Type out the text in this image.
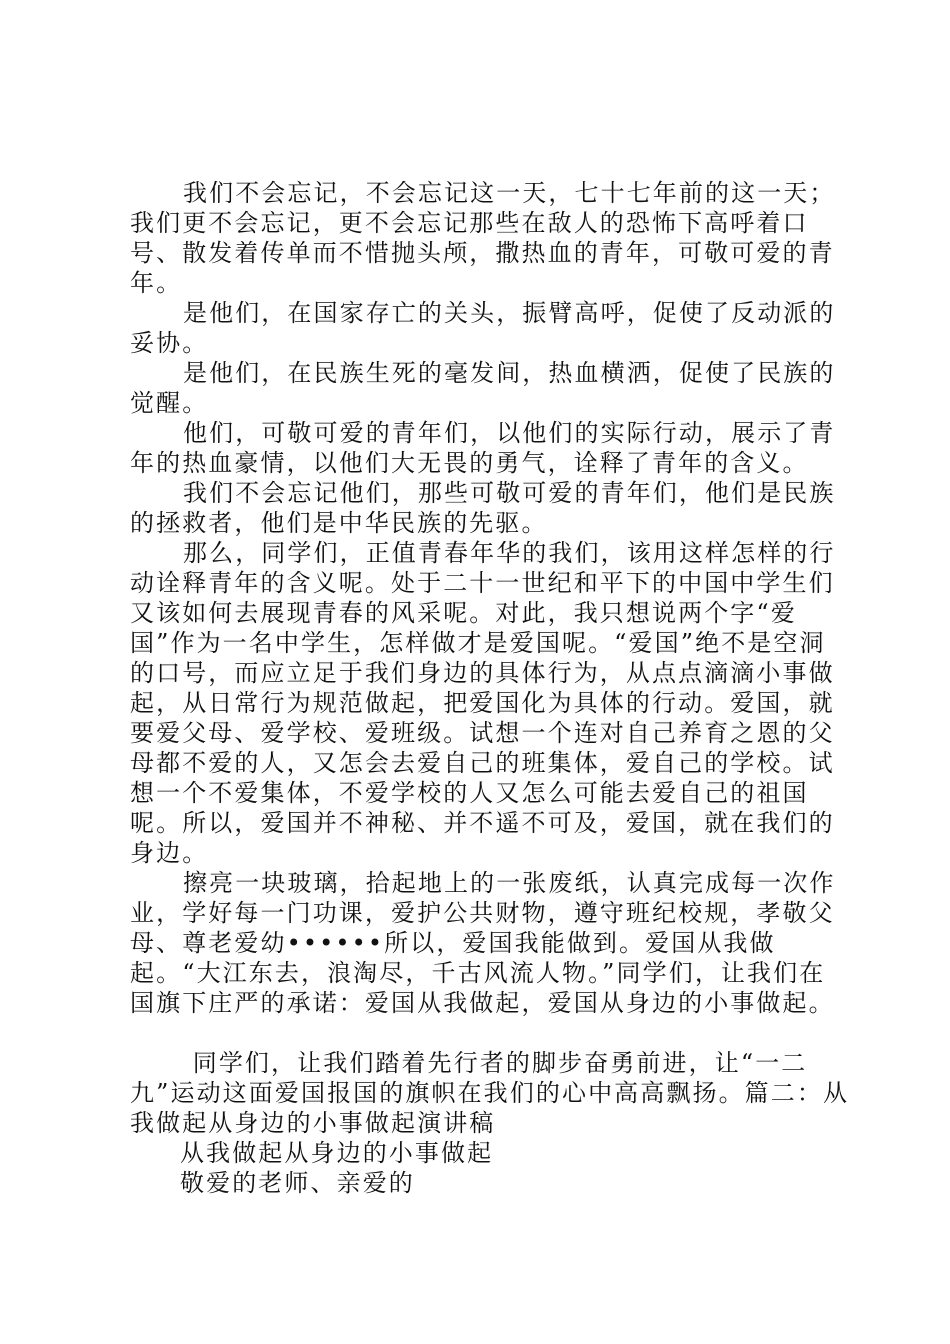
我们不会忘记，不会忘记这一天，七十七年前的这一天；我们更不会忘记，更不会忘记那些在敌人的恐怖下高呼着口号、散发着传单而不惜抛头颅，撒热血的青年，可敬可爱的青年。

是他们，在国家存亡的关头，振臂高呼，促使了反动派的妥协。

是他们，在民族生死的毫发间，热血横洒，促使了民族的觉醒。

他们，可敬可爱的青年们，以他们的实际行动，展示了青年的热血豪情，以他们大无畏的勇气，诠释了青年的含义。

我们不会忘记他们，那些可敬可爱的青年们，他们是民族的拯救者，他们是中华民族的先驱。

那么，同学们，正值青春年华的我们，该用这样怎样的行动诠释青年的含义呢。处于二十一世纪和平下的中国中学生们又该如何去展现青春的风采呢。对此，我只想说两个字“爱国”作为一名中学生，怎样做才是爱国呢。“爱国”绝不是空洞的口号，而应立足于我们身边的具体行为，从点点滴滴小事做起，从日常行为规范做起，把爱国化为具体的行动。爱国，就要爱父母、爱学校、爱班级。试想一个连对自己养育之恩的父母都不爱的人，又怎会去爱自己的班集体，爱自己的学校。试想一个不爱集体，不爱学校的人又怎么可能去爱自己的祖国呢。所以，爱国并不神秘、并不遥不可及，爱国，就在我们的身边。

擦亮一块玻璃，拾起地上的一张废纸，认真完成每一次作业，学好每一门功课，爱护公共财物，遵守班纪校规，孝敬父母、尊老爱幼••••••所以，爱国我能做到。爱国从我做起。“大江东去，浪淘尽，千古风流人物。”同学们，让我们在国旗下庄严的承诺：爱国从我做起，爱国从身边的小事做起。

同学们，让我们踏着先行者的脚步奋勇前进，让“一二九”运动这面爱国报国的旗帜在我们的心中高高飘扬。篇二：从我做起从身边的小事做起演讲稿

从我做起从身边的小事做起

敬爱的老师、亲爱的
